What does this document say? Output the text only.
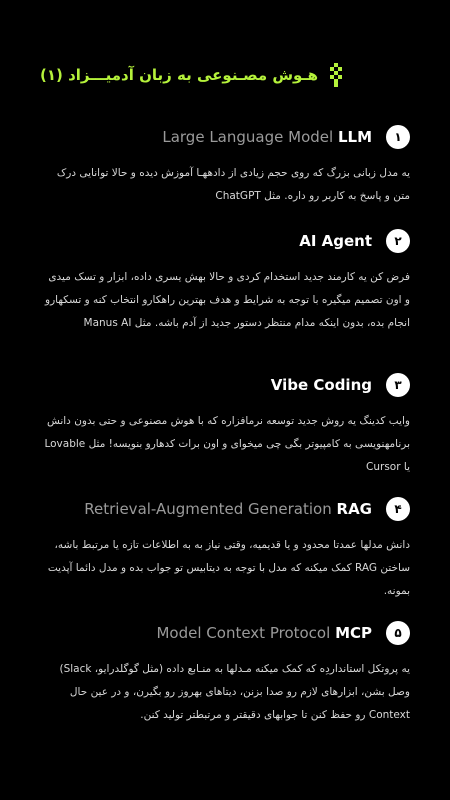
هـوش مصـنوعی به زبان آدمیـــزاد (۱)
۱
Large Language Model LLM
یه مدل زبانی بزرگ که روی حجم زیادی از دادههـا آموزش دیده و حالا توانایی درک متن و پاسخ به کاربر رو داره. مثل ChatGPT
۲
AI Agent
فرض کن یه کارمند جدید استخدام کردی و حالا بهش یسری داده، ابزار و تسک میدی و اون تصمیم میگیره با توجه به شرایط و هدف بهترین راهکارو انتخاب کنه و تسکهارو انجام بده، بدون اینکه مدام منتظر دستور جدید از آدم باشه. مثل Manus AI
۳
Vibe Coding
وایب کدینگ یه روش جدید توسعه نرمافزاره که با هوش مصنوعی و حتی بدون دانش برنامهنویسی به کامپیوتر بگی چی میخوای و اون برات کدهارو بنویسه! مثل Lovable یا Cursor
۴
Retrieval-Augmented Generation RAG
دانش مدلها عمدتا محدود و یا قدیمیه، وقتی نیاز به به اطلاعات تازه یا مرتبط باشه، ساختن RAG کمک میکنه که مدل با توجه به دیتابیس تو جواب بده و مدل دائما آپدیت بمونه.
۵
Model Context Protocol MCP
یه پروتکل استانداردِه که کمک میکنه مـدلها به منـابع داده (مثل گوگلدرایو، Slack) وصل بشن، ابزارهای لازم رو صدا بزنن، دیتاهای بهروز رو بگیرن، و در عین حال Context رو حفظ کنن تا جوابهای دقیقتر و مرتبطتر تولید کنن.
